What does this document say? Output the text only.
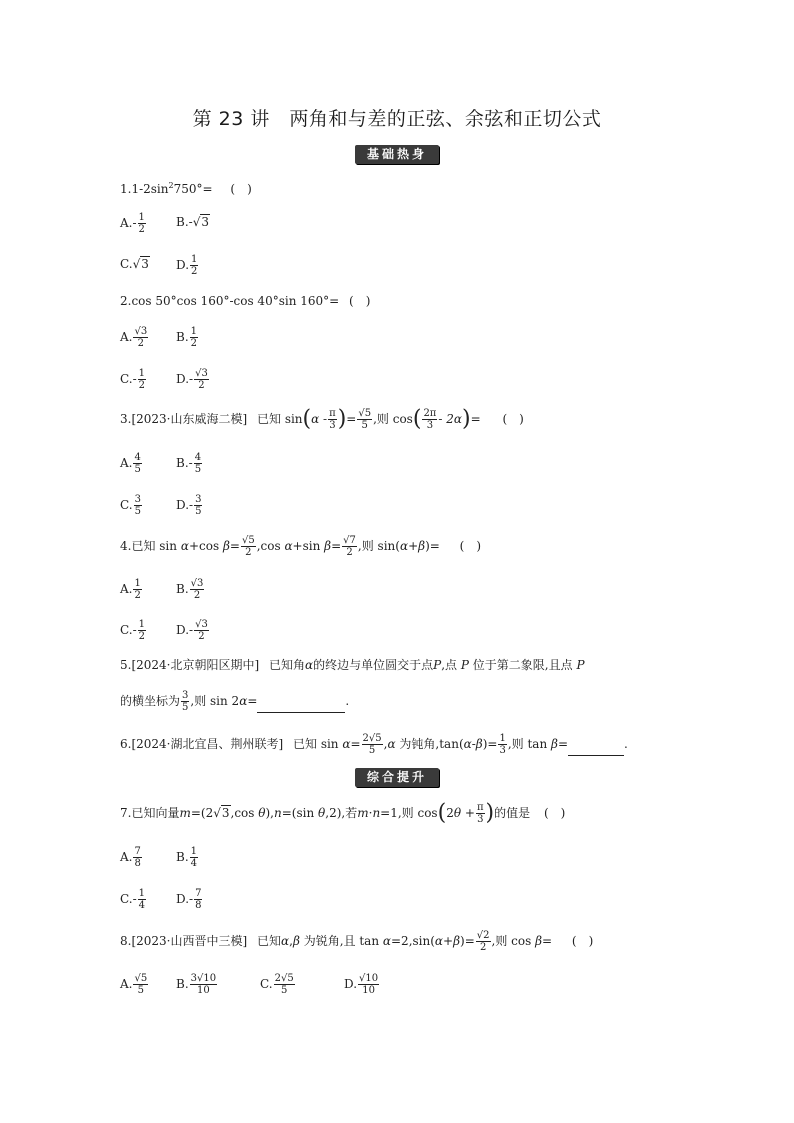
第 23 讲　两角和与差的正弦、余弦和正切公式
基础热身
$1.1-2\sin^2750^\circ=$ (　)
$A.- \frac{1}{2}$	B.-√3
C.√3 D. $\frac{1}{2}$
2.cos 50°cos 160°-cos 40°sin 160°= (　)
A. $\frac{√3}{2} B$. $\frac{1}{2}$
$C.- \frac{1}{2}$	$D.- \frac{√3}{2}$
3.[2023·山东威海二模] 已知 $\sin(\alpha - \frac{\pi}{3}$ )= $\frac{√5}{5}$ ,则 $\cos( \frac{2\pi}{3} - 2\alpha)=$ (　)
A. $\frac{4}{5}$	$B.- \frac{4}{5}$
C. $\frac{3}{5}$	$D.- \frac{3}{5}$
4.已知 sin α+cos $\beta= \frac{√5}{2} ,\cos$ α+sin $\beta= \frac{√7}{2}$ ,则 sin(α+β)= (　)
A. $\frac{1}{2}$	B. $\frac{√3}{2}$
$C.- \frac{1}{2}$	$D.- \frac{√3}{2}$
5.[2024·北京朝阳区期中] 已知角α的终边与单位圆交于点P,点 P 位于第二象限,且点 P
的横坐标为 $\frac{3}{5}$ ,则 sin 2α=	.
6.[2024·湖北宜昌、荆州联考] 已知 $\sin \alpha= \frac{2√5}{5} ,\alpha$ 为钝角$,\tan(\alpha-\beta)= \frac{1}{3}$ ,则 tan β=	.
综合提升
7.已知向量m=(2√3,cos θ),n=(sin θ,2),若m·n=1,则 $\cos(2\theta + \frac{\pi}{3}$ )的值是 (　)
A. $\frac{7}{8}$	B. $\frac{1}{4}$
$C.- \frac{1}{4}$	$D.- \frac{7}{8}$
8.[2023·山西晋中三模] 已知α,β 为锐角,且 $\tan \alpha=2,\sin(\alpha+\beta)= \frac{√2}{2}$ ,则 cos β= (　)
A. $\frac{√5}{5} B$. $\frac{3√10}{10}$	C. $\frac{2√5}{5}$	D. $\frac{√10}{10}$
